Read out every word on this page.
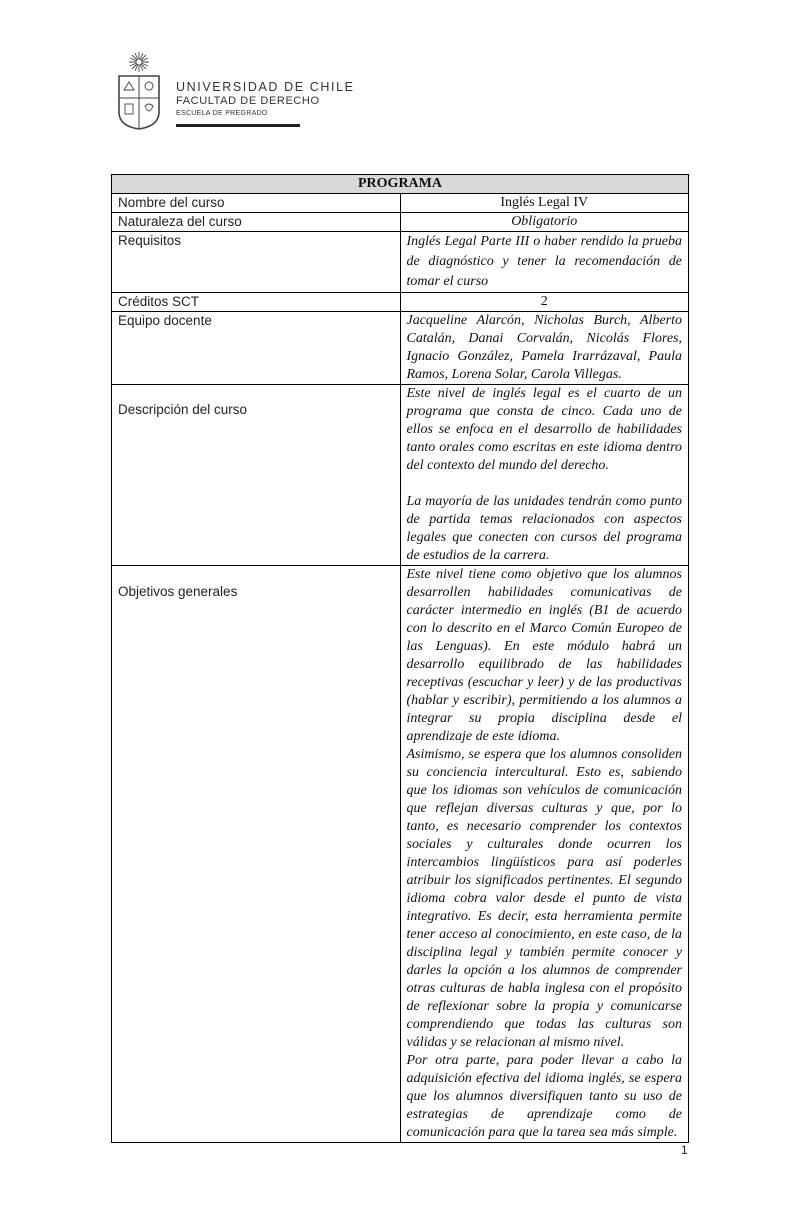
UNIVERSIDAD DE CHILE
FACULTAD DE DERECHO
ESCUELA DE PREGRADO
PROGRAMA	
Nombre del curso	Inglés Legal IV
Naturaleza del curso	Obligatorio
Requisitos	Inglés Legal Parte III o haber rendido la prueba de diagnóstico y tener la recomendación de tomar el curso
Créditos SCT	2
Equipo docente	Jacqueline Alarcón, Nicholas Burch, Alberto Catalán, Danai Corvalán, Nicolás Flores, Ignacio González, Pamela Irarrázaval, Paula Ramos, Lorena Solar, Carola Villegas.
Descripción del curso	Este nivel de inglés legal es el cuarto de un programa que consta de cinco. Cada uno de ellos se enfoca en el desarrollo de habilidades tanto orales como escritas en este idioma dentro del contexto del mundo del derecho.

La mayoría de las unidades tendrán como punto de partida temas relacionados con aspectos legales que conecten con cursos del programa de estudios de la carrera.

Objetivos generales	Este nivel tiene como objetivo que los alumnos desarrollen habilidades comunicativas de carácter intermedio en inglés (B1 de acuerdo con lo descrito en el Marco Común Europeo de las Lenguas). En este módulo habrá un desarrollo equilibrado de las habilidades receptivas (escuchar y leer) y de las productivas (hablar y escribir), permitiendo a los alumnos a integrar su propia disciplina desde el aprendizaje de este idioma.

Asimismo, se espera que los alumnos consoliden su conciencia intercultural. Esto es, sabiendo que los idiomas son vehículos de comunicación que reflejan diversas culturas y que, por lo tanto, es necesario comprender los contextos sociales y culturales donde ocurren los intercambios lingüísticos para así poderles atribuir los significados pertinentes. El segundo idioma cobra valor desde el punto de vista integrativo. Es decir, esta herramienta permite tener acceso al conocimiento, en este caso, de la disciplina legal y también permite conocer y darles la opción a los alumnos de comprender otras culturas de habla inglesa con el propósito de reflexionar sobre la propia y comunicarse comprendiendo que todas las culturas son válidas y se relacionan al mismo nivel.

Por otra parte, para poder llevar a cabo la adquisición efectiva del idioma inglés, se espera que los alumnos diversifiquen tanto su uso de estrategias de aprendizaje como de comunicación para que la tarea sea más simple.

1
